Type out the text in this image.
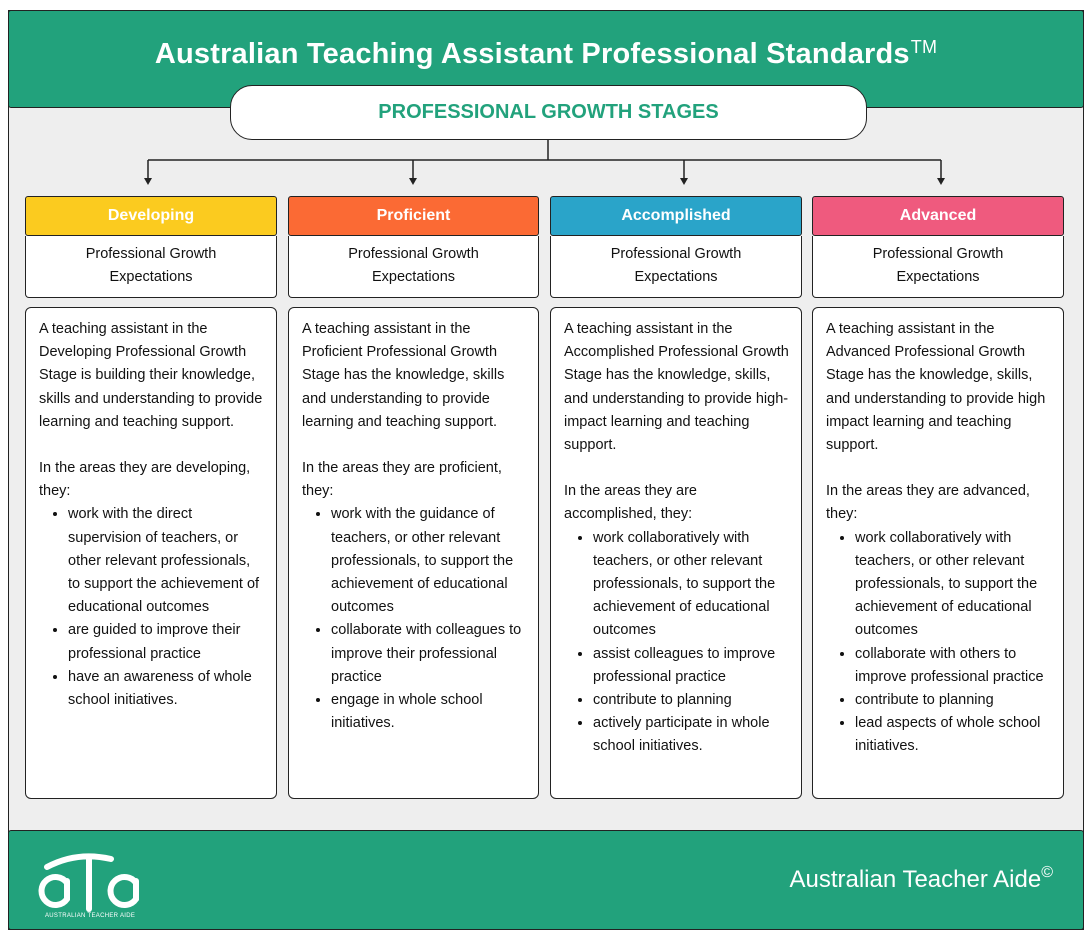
Australian Teaching Assistant Professional Standards™
PROFESSIONAL GROWTH STAGES
Developing
Professional Growth
Expectations

A teaching assistant in the Developing Professional Growth Stage is building their knowledge, skills and understanding to provide learning and teaching support.

In the areas they are developing, they:

• work with the direct supervision of teachers, or other relevant professionals, to support the achievement of educational outcomes
• are guided to improve their professional practice
• have an awareness of whole school initiatives.
Proficient
Professional Growth
Expectations

A teaching assistant in the Proficient Professional Growth Stage has the knowledge, skills and understanding to provide learning and teaching support.

In the areas they are proficient, they:

• work with the guidance of teachers, or other relevant professionals, to support the achievement of educational outcomes
• collaborate with colleagues to improve their professional practice
• engage in whole school initiatives.
Accomplished
Professional Growth
Expectations

A teaching assistant in the Accomplished Professional Growth Stage has the knowledge, skills, and understanding to provide high-impact learning and teaching support.

In the areas they are accomplished, they:

• work collaboratively with teachers, or other relevant professionals, to support the achievement of educational outcomes
• assist colleagues to improve professional practice
• contribute to planning
• actively participate in whole school initiatives.
Advanced
Professional Growth
Expectations

A teaching assistant in the Advanced Professional Growth Stage has the knowledge, skills, and understanding to provide high impact learning and teaching support.

In the areas they are advanced, they:

• work collaboratively with teachers, or other relevant professionals, to support the achievement of educational outcomes
• collaborate with others to improve professional practice
• contribute to planning
• lead aspects of whole school initiatives.
AUSTRALIAN TEACHER AIDE
Australian Teacher Aide©
